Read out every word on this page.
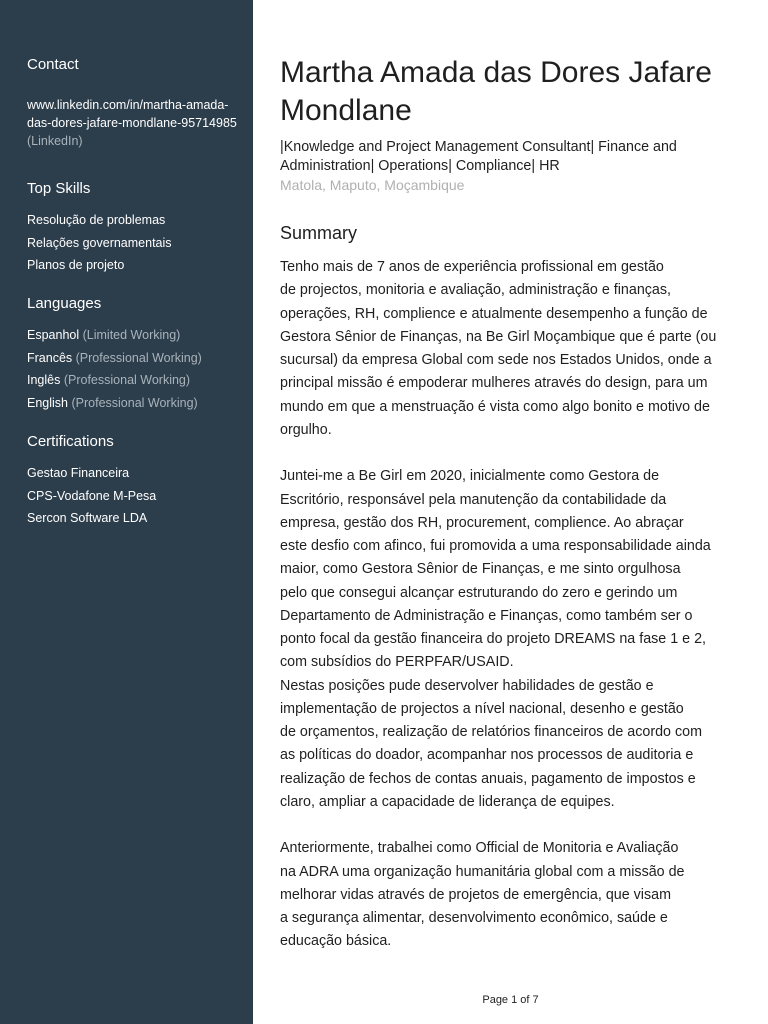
Contact
www.linkedin.com/in/martha-amada-das-dores-jafare-mondlane-95714985 (LinkedIn)
Top Skills
Resolução de problemas
Relações governamentais
Planos de projeto
Languages
Espanhol (Limited Working)
Francês (Professional Working)
Inglês (Professional Working)
English (Professional Working)
Certifications
Gestao Financeira
CPS-Vodafone M-Pesa
Sercon Software LDA
Martha Amada das Dores Jafare Mondlane
|Knowledge and Project Management Consultant| Finance and Administration| Operations| Compliance| HR
Matola, Maputo, Moçambique
Summary

Tenho mais de 7 anos de experiência profissional em gestão
de projectos, monitoria e avaliação, administração e finanças,
operações, RH, complience e atualmente desempenho a função de
Gestora Sênior de Finanças, na Be Girl Moçambique que é parte (ou
sucursal) da empresa Global com sede nos Estados Unidos, onde a
principal missão é empoderar mulheres através do design, para um
mundo em que a menstruação é vista como algo bonito e motivo de
orgulho.

Juntei-me a Be Girl em 2020, inicialmente como Gestora de
Escritório, responsável pela manutenção da contabilidade da
empresa, gestão dos RH, procurement, complience. Ao abraçar
este desfio com afinco, fui promovida a uma responsabilidade ainda
maior, como Gestora Sênior de Finanças, e me sinto orgulhosa
pelo que consegui alcançar estruturando do zero e gerindo um
Departamento de Administração e Finanças, como também ser o
ponto focal da gestão financeira do projeto DREAMS na fase 1 e 2,
com subsídios do PERPFAR/USAID.

Nestas posições pude deservolver habilidades de gestão e
implementação de projectos a nível nacional, desenho e gestão
de orçamentos, realização de relatórios financeiros de acordo com
as políticas do doador, acompanhar nos processos de auditoria e
realização de fechos de contas anuais, pagamento de impostos e
claro, ampliar a capacidade de liderança de equipes.

Anteriormente, trabalhei como Official de Monitoria e Avaliação
na ADRA uma organização humanitária global com a missão de
melhorar vidas através de projetos de emergência, que visam
a segurança alimentar, desenvolvimento econômico, saúde e
educação básica.

Page 1 of 7
